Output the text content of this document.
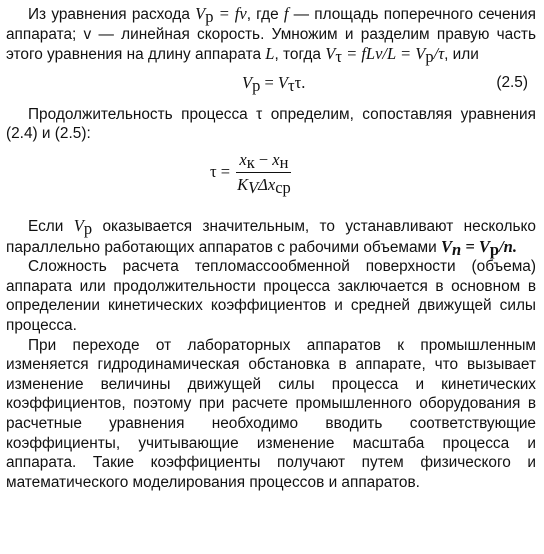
Из уравнения расхода $V_р$ = fv, где f — площадь поперечного сечения аппарата; v — линейная скорость. Умножим и разделим правую часть этого уравнения на длину аппарата L, тогда $V_\tau = fLv/L = V_р/\tau$, или

$V_р = V_\tau\tau$.	(2.5)

Продолжительность процесса τ определим, сопоставляя уравнения (2.4) и (2.5):

$\tau = \frac{x_к - x_н}{K_V\Delta x_{ср}}$

Если $V_р$ оказывается значительным, то устанавливают несколько параллельно работающих аппаратов с рабочими объемами $V_n = V_р/n$.

Сложность расчета тепломассообменной поверхности (объема) аппарата или продолжительности процесса заключается в основном в определении кинетических коэффициентов и средней движущей силы процесса.

При переходе от лабораторных аппаратов к промышленным изменяется гидродинамическая обстановка в аппарате, что вызывает изменение величины движущей силы процесса и кинетических коэффициентов, поэтому при расчете промышленного оборудования в расчетные уравнения необходимо вводить соответствующие коэффициенты, учитывающие изменение масштаба процесса и аппарата. Такие коэффициенты получают путем физического и математического моделирования процессов и аппаратов.
